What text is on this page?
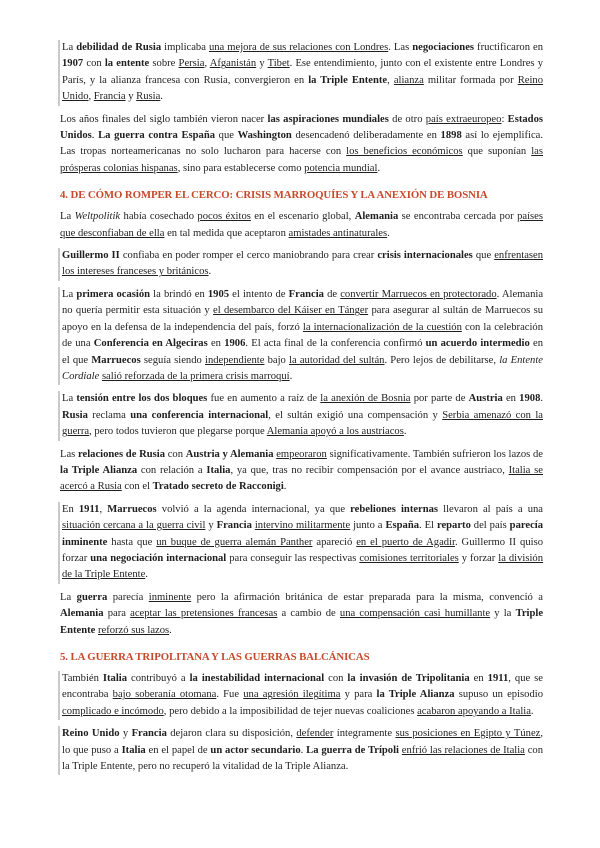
La debilidad de Rusia implicaba una mejora de sus relaciones con Londres. Las negociaciones fructificaron en 1907 con la entente sobre Persia, Afganistán y Tibet. Ese entendimiento, junto con el existente entre Londres y París, y la alianza francesa con Rusia, convergieron en la Triple Entente, alianza militar formada por Reino Unido, Francia y Rusia.

Los años finales del siglo también vieron nacer las aspiraciones mundiales de otro país extraeuropeo: Estados Unidos. La guerra contra España que Washington desencadenó deliberadamente en 1898 así lo ejemplifica. Las tropas norteamericanas no solo lucharon para hacerse con los beneficios económicos que suponían las prósperas colonias hispanas, sino para establecerse como potencia mundial.

4. DE CÓMO ROMPER EL CERCO: CRISIS MARROQUÍES Y LA ANEXIÓN DE BOSNIA

La Weltpolitik había cosechado pocos éxitos en el escenario global, Alemania se encontraba cercada por países que desconfiaban de ella en tal medida que aceptaron amistades antinaturales.

Guillermo II confiaba en poder romper el cerco maniobrando para crear crisis internacionales que enfrentasen los intereses franceses y británicos.

La primera ocasión la brindó en 1905 el intento de Francia de convertir Marruecos en protectorado. Alemania no quería permitir esta situación y el desembarco del Káiser en Tánger para asegurar al sultán de Marruecos su apoyo en la defensa de la independencia del país, forzó la internacionalización de la cuestión con la celebración de una Conferencia en Algeciras en 1906. El acta final de la conferencia confirmó un acuerdo intermedio en el que Marruecos seguía siendo independiente bajo la autoridad del sultán. Pero lejos de debilitarse, la Entente Cordiale salió reforzada de la primera crisis marroquí.

La tensión entre los dos bloques fue en aumento a raíz de la anexión de Bosnia por parte de Austria en 1908. Rusia reclama una conferencia internacional, el sultán exigió una compensación y Serbia amenazó con la guerra, pero todos tuvieron que plegarse porque Alemania apoyó a los austriacos.

Las relaciones de Rusia con Austria y Alemania empeoraron significativamente. También sufrieron los lazos de la Triple Alianza con relación a Italia, ya que, tras no recibir compensación por el avance austriaco, Italia se acercó a Rusia con el Tratado secreto de Racconigi.

En 1911, Marruecos volvió a la agenda internacional, ya que rebeliones internas llevaron al país a una situación cercana a la guerra civil y Francia intervino militarmente junto a España. El reparto del país parecía inminente hasta que un buque de guerra alemán Panther apareció en el puerto de Agadir. Guillermo II quiso forzar una negociación internacional para conseguir las respectivas comisiones territoriales y forzar la división de la Triple Entente.

La guerra parecía inminente pero la afirmación británica de estar preparada para la misma, convenció a Alemania para aceptar las pretensiones francesas a cambio de una compensación casi humillante y la Triple Entente reforzó sus lazos.

5. LA GUERRA TRIPOLITANA Y LAS GUERRAS BALCÁNICAS

También Italia contribuyó a la inestabilidad internacional con la invasión de Tripolitania en 1911, que se encontraba bajo soberanía otomana. Fue una agresión ilegítima y para la Triple Alianza supuso un episodio complicado e incómodo, pero debido a la imposibilidad de tejer nuevas coaliciones acabaron apoyando a Italia.

Reino Unido y Francia dejaron clara su disposición, defender íntegramente sus posiciones en Egipto y Túnez, lo que puso a Italia en el papel de un actor secundario. La guerra de Trípoli enfrió las relaciones de Italia con la Triple Entente, pero no recuperó la vitalidad de la Triple Alianza.
